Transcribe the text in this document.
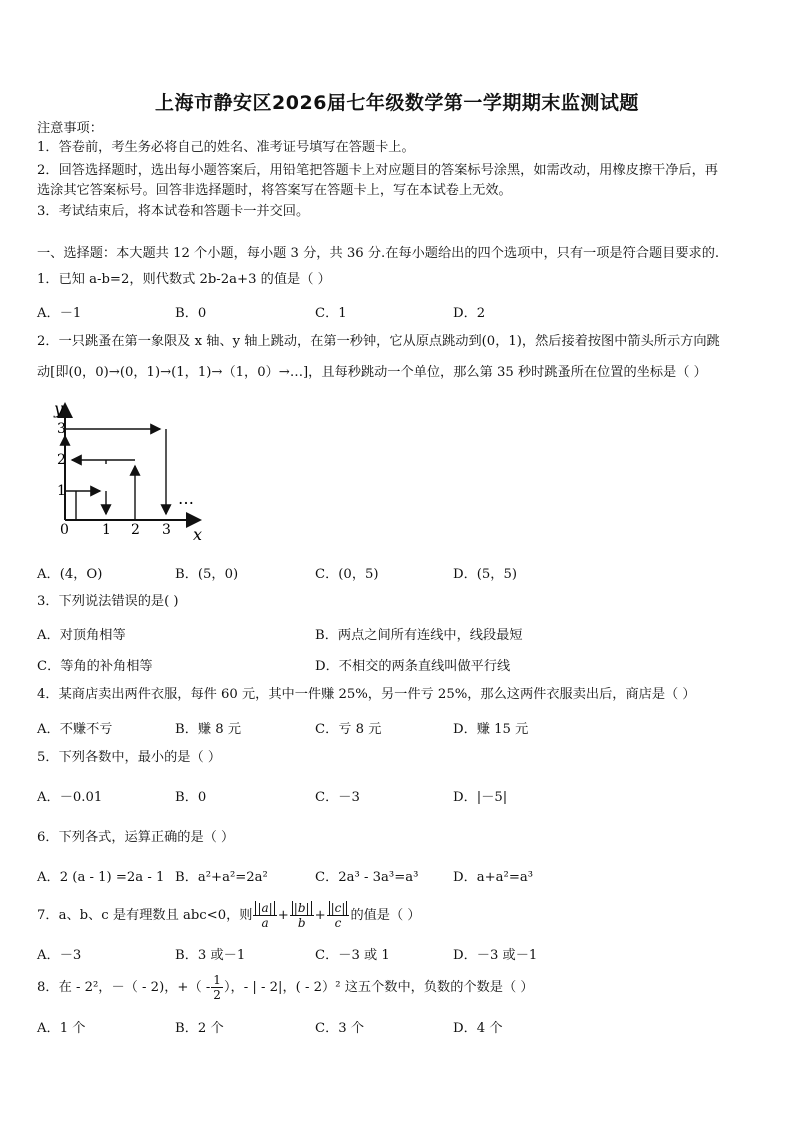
上海市静安区2026届七年级数学第一学期期末监测试题
注意事项：
1．答卷前，考生务必将自己的姓名、准考证号填写在答题卡上。
2．回答选择题时，选出每小题答案后，用铅笔把答题卡上对应题目的答案标号涂黑，如需改动，用橡皮擦干净后，再
选涂其它答案标号。回答非选择题时，将答案写在答题卡上，写在本试卷上无效。
3．考试结束后，将本试卷和答题卡一并交回。
一、选择题：本大题共 12 个小题，每小题 3 分，共 36 分.在每小题给出的四个选项中，只有一项是符合题目要求的.
1．已知 a-b=2，则代数式 2b-2a+3 的值是（ ）
A．－1	B．0	C．1	D．2
2．一只跳蚤在第一象限及 x 轴、y 轴上跳动，在第一秒钟，它从原点跳动到(0，1)，然后接着按图中箭头所示方向跳
动[即(0，0)→(0，1)→(1，1)→（1，0）→…]，且每秒跳动一个单位，那么第 35 秒时跳蚤所在位置的坐标是（ ）
y
x
0 1 2 3
1
2
3
…
A．(4，O)	B．(5，0)	C．(0，5)	D．(5，5)
3．下列说法错误的是( )
A．对顶角相等	B．两点之间所有连线中，线段最短
C．等角的补角相等	D．不相交的两条直线叫做平行线
4．某商店卖出两件衣服，每件 60 元，其中一件赚 25%，另一件亏 25%，那么这两件衣服卖出后，商店是（ ）
A．不赚不亏	B．赚 8 元	C．亏 8 元	D．赚 15 元
5．下列各数中，最小的是（ ）
A．－0.01	B．0	C．－3	D．|－5|
6．下列各式，运算正确的是（ ）
A．2 (a - 1) =2a - 1 B．a²+a²=2a²	C．2a³ - 3a³=a³	D．a+a²=a³
7．a、b、c 是有理数且 abc<0，则 $\frac{|a|}{a} + \frac{|b|}{b} + \frac{|c|}{c}$ 的值是（ ）
A．－3	B．3 或－1	C．－3 或 1	D．－3 或－1
8．在 - 2²，－（ - 2)，+（ - $\frac{1}{2}$ ），- | - 2|，( - 2）² 这五个数中，负数的个数是（ ）
A．1 个	B．2 个	C．3 个	D．4 个
